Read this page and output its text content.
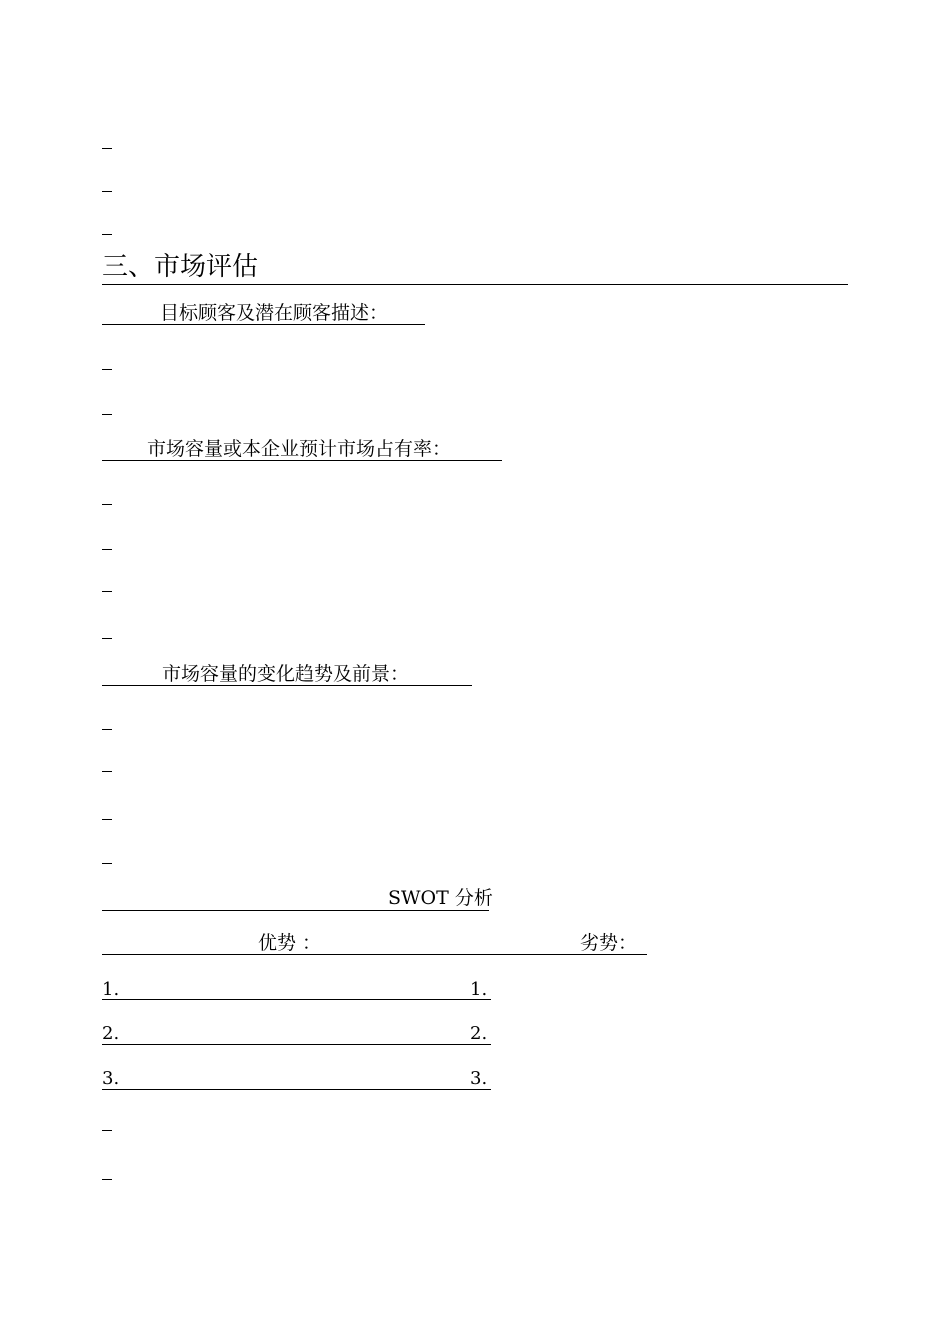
三、市场评估
目标顾客及潜在顾客描述：
市场容量或本企业预计市场占有率：
市场容量的变化趋势及前景：
SWOT 分析
优势 ：	劣势：
1.	1.
2.	2.
3.	3.
